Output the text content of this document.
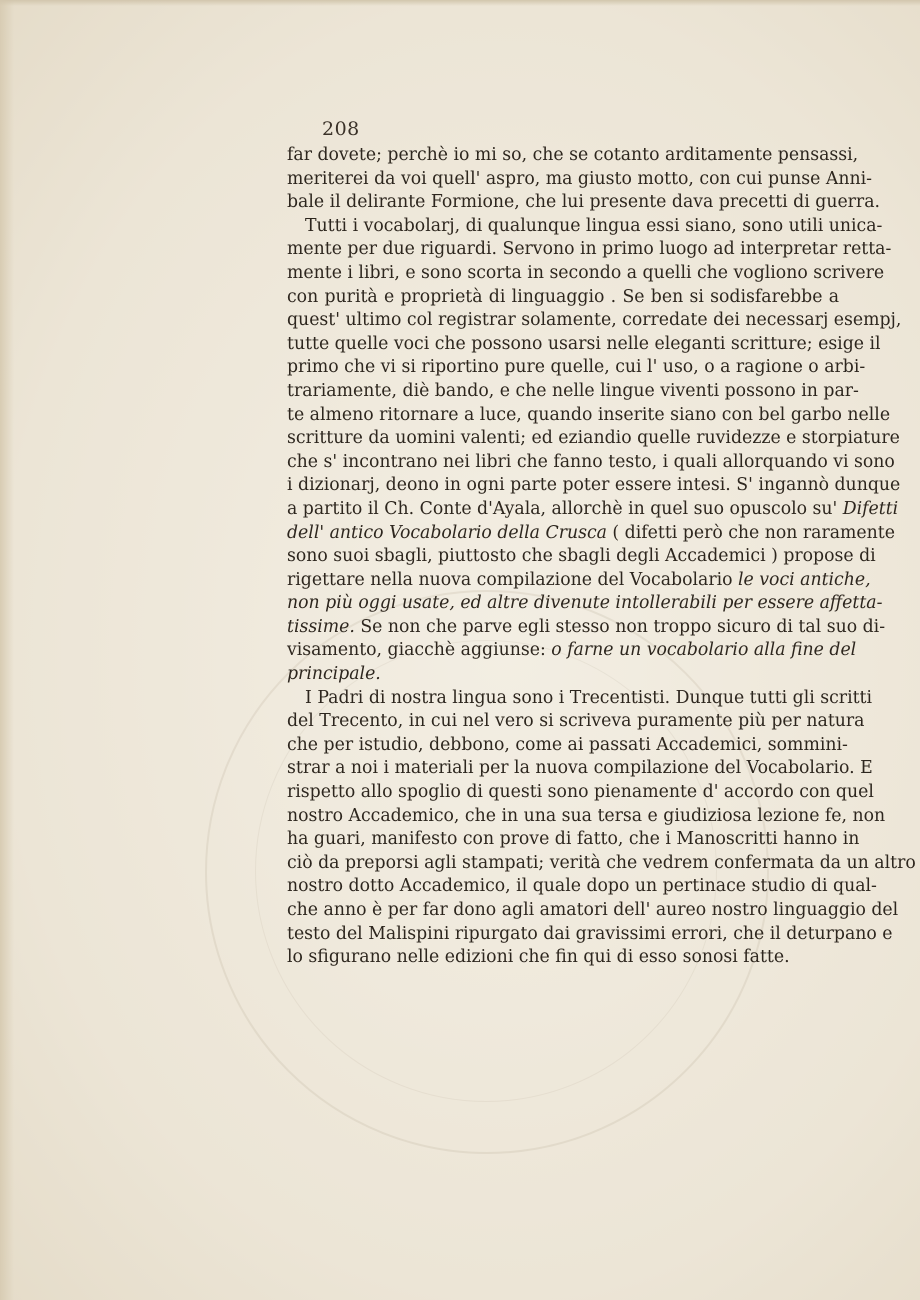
208
far dovete; perchè io mi so, che se cotanto arditamente pensassi,
meriterei da voi quell' aspro, ma giusto motto, con cui punse Anni-
bale il delirante Formione, che lui presente dava precetti di guerra.
Tutti i vocabolarj, di qualunque lingua essi siano, sono utili unica-
mente per due riguardi. Servono in primo luogo ad interpretar retta-
mente i libri, e sono scorta in secondo a quelli che vogliono scrivere
con purità e proprietà di linguaggio . Se ben si sodisfarebbe a
quest' ultimo col registrar solamente, corredate dei necessarj esempj,
tutte quelle voci che possono usarsi nelle eleganti scritture; esige il
primo che vi si riportino pure quelle, cui l' uso, o a ragione o arbi-
trariamente, diè bando, e che nelle lingue viventi possono in par-
te almeno ritornare a luce, quando inserite siano con bel garbo nelle
scritture da uomini valenti; ed eziandio quelle ruvidezze e storpiature
che s' incontrano nei libri che fanno testo, i quali allorquando vi sono
i dizionarj, deono in ogni parte poter essere intesi. S' ingannò dunque
a partito il Ch. Conte d'Ayala, allorchè in quel suo opuscolo su' Difetti
dell' antico Vocabolario della Crusca ( difetti però che non raramente
sono suoi sbagli, piuttosto che sbagli degli Accademici ) propose di
rigettare nella nuova compilazione del Vocabolario le voci antiche,
non più oggi usate, ed altre divenute intollerabili per essere affetta-
tissime. Se non che parve egli stesso non troppo sicuro di tal suo di-
visamento, giacchè aggiunse: o farne un vocabolario alla fine del
principale.
I Padri di nostra lingua sono i Trecentisti. Dunque tutti gli scritti
del Trecento, in cui nel vero si scriveva puramente più per natura
che per istudio, debbono, come ai passati Accademici, sommini-
strar a noi i materiali per la nuova compilazione del Vocabolario. E
rispetto allo spoglio di questi sono pienamente d' accordo con quel
nostro Accademico, che in una sua tersa e giudiziosa lezione fe, non
ha guari, manifesto con prove di fatto, che i Manoscritti hanno in
ciò da preporsi agli stampati; verità che vedrem confermata da un altro
nostro dotto Accademico, il quale dopo un pertinace studio di qual-
che anno è per far dono agli amatori dell' aureo nostro linguaggio del
testo del Malispini ripurgato dai gravissimi errori, che il deturpano e
lo sfigurano nelle edizioni che fin qui di esso sonosi fatte.
